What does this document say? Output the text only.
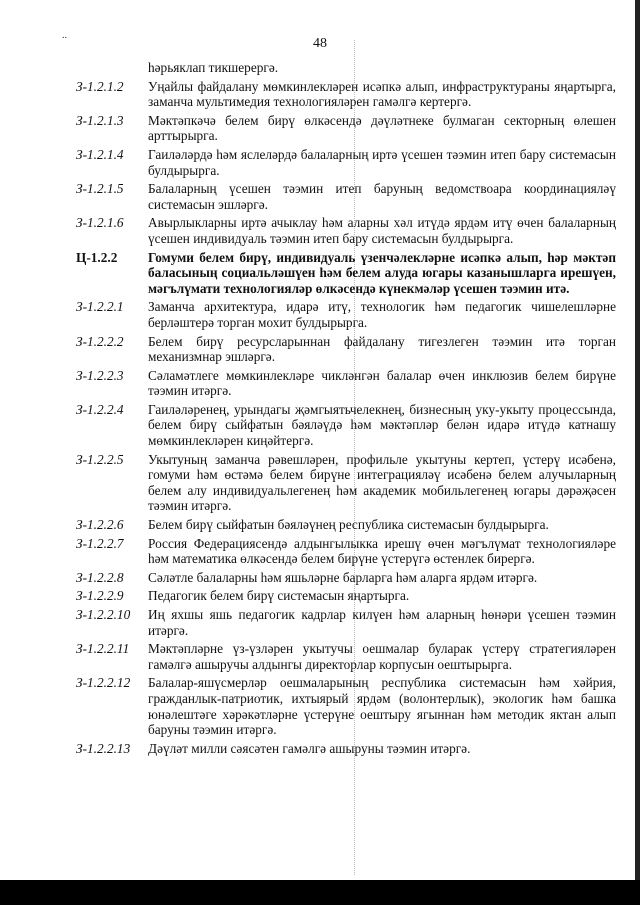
..
48
һәрьяклап тикшерергә.
З-1.2.1.2	Уңайлы файдалану мөмкинлекләрен исәпкә алып, инфраструктураны яңартырга, заманча мультимедия технологияләрен гамәлгә кертергә.
З-1.2.1.3	Мәктәпкәчә белем бирү өлкәсендә дәүләтнеке булмаган секторның өлешен арттырырга.
З-1.2.1.4	Гаиләләрдә һәм яслеләрдә балаларның иртә үсешен тәэмин итеп бару системасын булдырырга.
З-1.2.1.5	Балаларның үсешен тәэмин итеп баруның ведомствоара координацияләү системасын эшләргә.
З-1.2.1.6	Авырлыкларны иртә ачыклау һәм аларны хәл итүдә ярдәм итү өчен балаларның үсешен индивидуаль тәэмин итеп бару системасын булдырырга.
Ц-1.2.2	Гомуми белем бирү, индивидуаль үзенчәлекләрне исәпкә алып, һәр мәктәп баласының социальләшүен һәм белем алуда югары казанышларга ирешүен, мәгълүмати технологияләр өлкәсендә күнекмәләр үсешен тәэмин итә.
З-1.2.2.1	Заманча архитектура, идарә итү, технологик һәм педагогик чишелешләрне берләштерә торган мохит булдырырга.
З-1.2.2.2	Белем бирү ресурсларыннан файдалану тигезлеген тәэмин итә торган механизмнар эшләргә.
З-1.2.2.3	Сәламәтлеге мөмкинлекләре чикләнгән балалар өчен инклюзив белем бирүне тәэмин итәргә.
З-1.2.2.4	Гаиләләренең, урындагы җәмгыятьчелекнең, бизнесның уку-укыту процессында, белем бирү сыйфатын бәяләүдә һәм мәктәпләр белән идарә итүдә катнашу мөмкинлекләрен киңәйтергә.
З-1.2.2.5	Укытуның заманча рәвешләрен, профильле укытуны кертеп, үстерү исәбенә, гомуми һәм өстәмә белем бирүне интеграцияләү исәбенә белем алучыларның белем алу индивидуальлегенең һәм академик мобильлегенең югары дәрәҗәсен тәэмин итәргә.
З-1.2.2.6	Белем бирү сыйфатын бәяләүнең республика системасын булдырырга.
З-1.2.2.7	Россия Федерациясендә алдынгылыкка ирешү өчен мәгълүмат технологияләре һәм математика өлкәсендә белем бирүне үстерүгә өстенлек бирергә.
З-1.2.2.8	Сәләтле балаларны һәм яшьләрне барларга һәм аларга ярдәм итәргә.
З-1.2.2.9	Педагогик белем бирү системасын яңартырга.
З-1.2.2.10	Иң яхшы яшь педагогик кадрлар килүен һәм аларның һөнәри үсешен тәэмин итәргә.
З-1.2.2.11	Мәктәпләрне үз-үзләрен укытучы оешмалар буларак үстерү стратегияләрен гамәлгә ашыручы алдынгы директорлар корпусын оештырырга.
З-1.2.2.12	Балалар-яшүсмерләр оешмаларының республика системасын һәм хәйрия, гражданлык-патриотик, ихтыярый ярдәм (волонтерлык), экологик һәм башка юнәлештәге хәрәкәтләрне үстерүне оештыру ягыннан һәм методик яктан алып баруны тәэмин итәргә.
З-1.2.2.13	Дәүләт милли сәясәтен гамәлгә ашыруны тәэмин итәргә.
